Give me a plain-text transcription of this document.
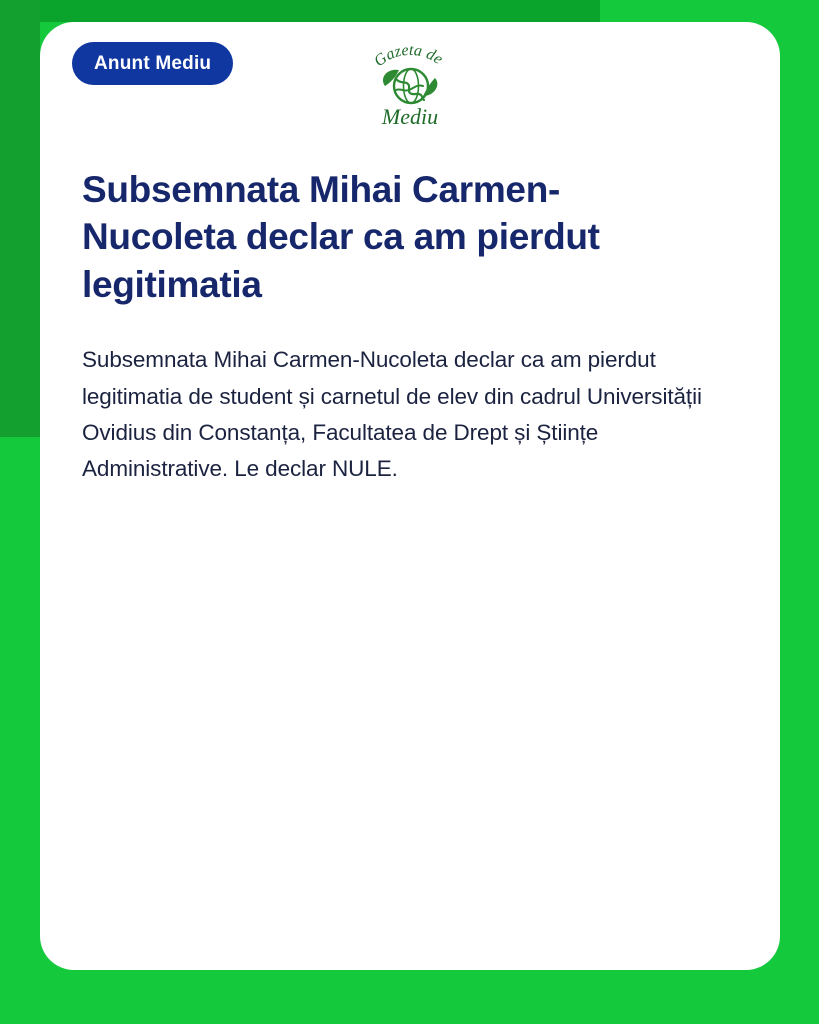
Anunt Mediu	Gazeta de
Mediu
Subsemnata Mihai Carmen-Nucoleta declar ca am pierdut legitimatia

Subsemnata Mihai Carmen-Nucoleta declar ca am pierdut legitimatia de student și carnetul de elev din cadrul Universității Ovidius din Constanța, Facultatea de Drept și Științe Administrative. Le declar NULE.
